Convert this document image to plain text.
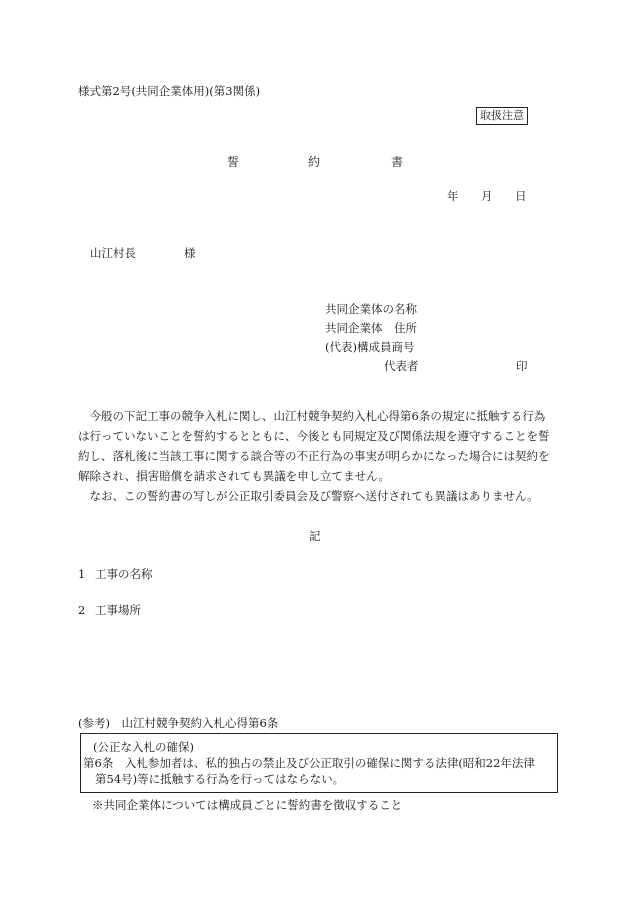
様式第2号(共同企業体用)(第3関係)
取扱注意
誓	約	書
年 月 日
山江村長	様
共同企業体の名称
共同企業体　住所
(代表)構成員商号
代表者	印
今般の下記工事の競争入札に関し、山江村競争契約入札心得第6条の規定に抵触する行為は行っていないことを誓約するとともに、今後とも同規定及び関係法規を遵守することを誓約し、落札後に当該工事に関する談合等の不正行為の事実が明らかになった場合には契約を解除され、損害賠償を請求されても異議を申し立てません。
なお、この誓約書の写しが公正取引委員会及び警察へ送付されても異議はありません。
記
1 工事の名称
2 工事場所
(参考)　山江村競争契約入札心得第6条
(公正な入札の確保)
第6条　入札参加者は、私的独占の禁止及び公正取引の確保に関する法律(昭和22年法律
第54号)等に抵触する行為を行ってはならない。
※共同企業体については構成員ごとに誓約書を徴収すること
